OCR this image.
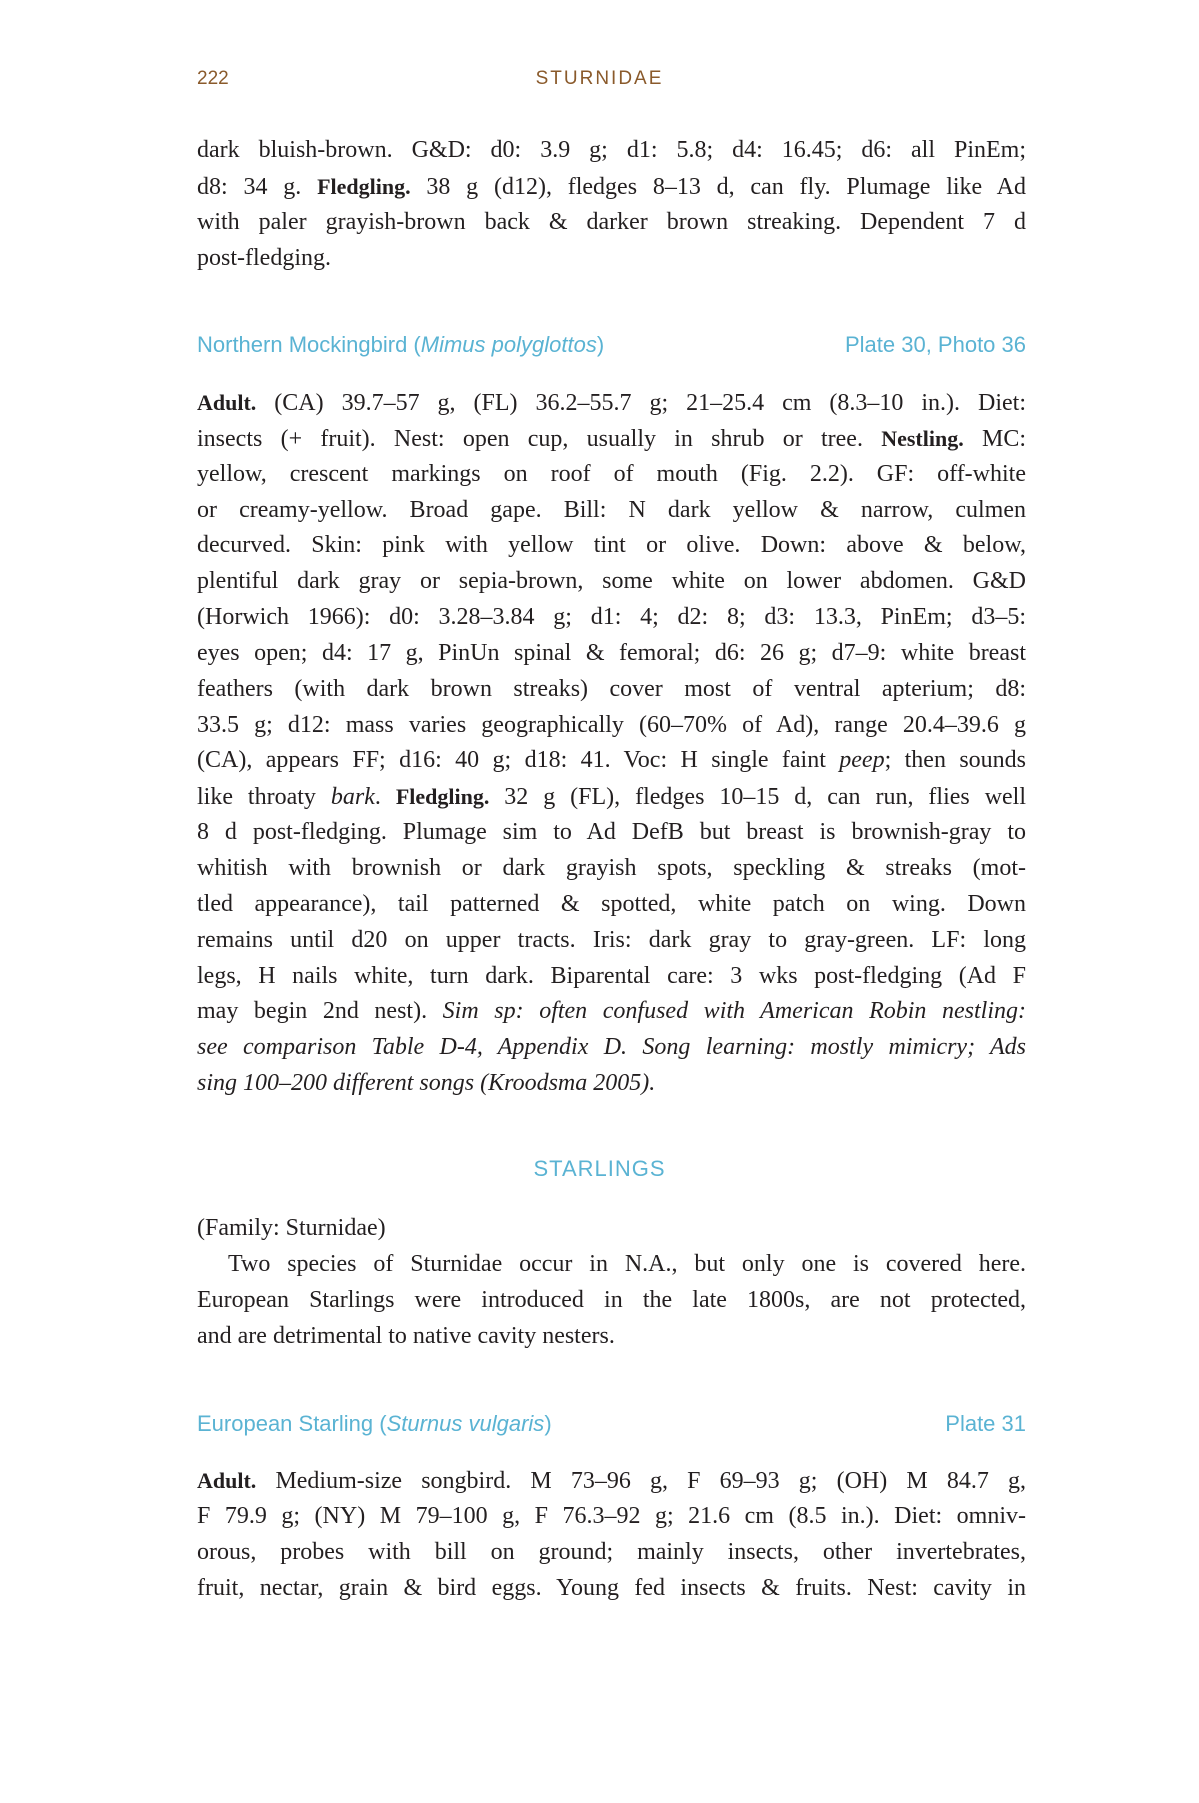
222	STURNIDAE
dark bluish-brown. G&D: d0: 3.9 g; d1: 5.8; d4: 16.45; d6: all PinEm;
d8: 34 g. Fledgling. 38 g (d12), fledges 8–13 d, can fly. Plumage like Ad
with paler grayish-brown back & darker brown streaking. Dependent 7 d
post-fledging.
Northern Mockingbird (Mimus polyglottos)	Plate 30, Photo 36
Adult. (CA) 39.7–57 g, (FL) 36.2–55.7 g; 21–25.4 cm (8.3–10 in.). Diet:
insects (+ fruit). Nest: open cup, usually in shrub or tree. Nestling. MC:
yellow, crescent markings on roof of mouth (Fig. 2.2). GF: off-white
or creamy-yellow. Broad gape. Bill: N dark yellow & narrow, culmen
decurved. Skin: pink with yellow tint or olive. Down: above & below,
plentiful dark gray or sepia-brown, some white on lower abdomen. G&D
(Horwich 1966): d0: 3.28–3.84 g; d1: 4; d2: 8; d3: 13.3, PinEm; d3–5:
eyes open; d4: 17 g, PinUn spinal & femoral; d6: 26 g; d7–9: white breast
feathers (with dark brown streaks) cover most of ventral apterium; d8:
33.5 g; d12: mass varies geographically (60–70% of Ad), range 20.4–39.6 g
(CA), appears FF; d16: 40 g; d18: 41. Voc: H single faint peep; then sounds
like throaty bark. Fledgling. 32 g (FL), fledges 10–15 d, can run, flies well
8 d post-fledging. Plumage sim to Ad DefB but breast is brownish-gray to
whitish with brownish or dark grayish spots, speckling & streaks (mot-
tled appearance), tail patterned & spotted, white patch on wing. Down
remains until d20 on upper tracts. Iris: dark gray to gray-green. LF: long
legs, H nails white, turn dark. Biparental care: 3 wks post-fledging (Ad F
may begin 2nd nest). Sim sp: often confused with American Robin nestling:
see comparison Table D-4, Appendix D. Song learning: mostly mimicry; Ads
sing 100–200 different songs (Kroodsma 2005).
STARLINGS
(Family: Sturnidae)
Two species of Sturnidae occur in N.A., but only one is covered here.
European Starlings were introduced in the late 1800s, are not protected,
and are detrimental to native cavity nesters.
European Starling (Sturnus vulgaris)	Plate 31
Adult. Medium-size songbird. M 73–96 g, F 69–93 g; (OH) M 84.7 g,
F 79.9 g; (NY) M 79–100 g, F 76.3–92 g; 21.6 cm (8.5 in.). Diet: omniv-
orous, probes with bill on ground; mainly insects, other invertebrates,
fruit, nectar, grain & bird eggs. Young fed insects & fruits. Nest: cavity in
